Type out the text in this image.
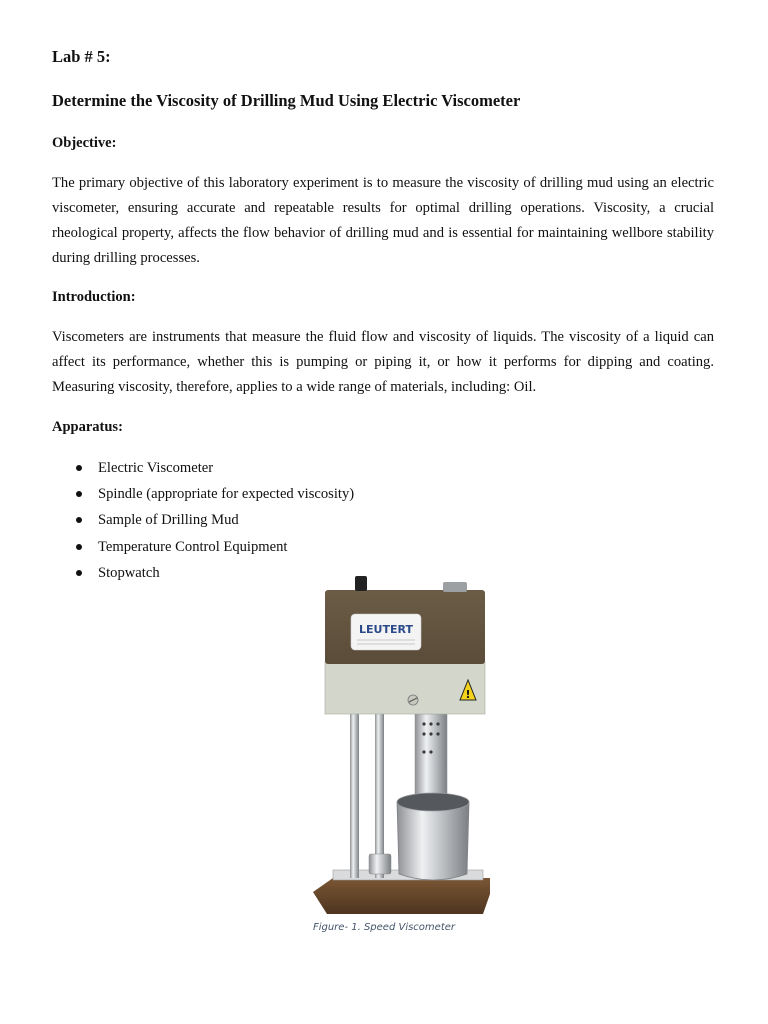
Lab # 5:
Determine the Viscosity of Drilling Mud Using Electric Viscometer
Objective:

The primary objective of this laboratory experiment is to measure the viscosity of drilling mud using an electric viscometer, ensuring accurate and repeatable results for optimal drilling operations. Viscosity, a crucial rheological property, affects the flow behavior of drilling mud and is essential for maintaining wellbore stability during drilling processes.

Introduction:

Viscometers are instruments that measure the fluid flow and viscosity of liquids. The viscosity of a liquid can affect its performance, whether this is pumping or piping it, or how it performs for dipping and coating. Measuring viscosity, therefore, applies to a wide range of materials, including: Oil.

Apparatus:
Electric Viscometer
Spindle (appropriate for expected viscosity)
Sample of Drilling Mud
Temperature Control Equipment
Stopwatch
!
LEUTERT
Figure- 1. Speed Viscometer
